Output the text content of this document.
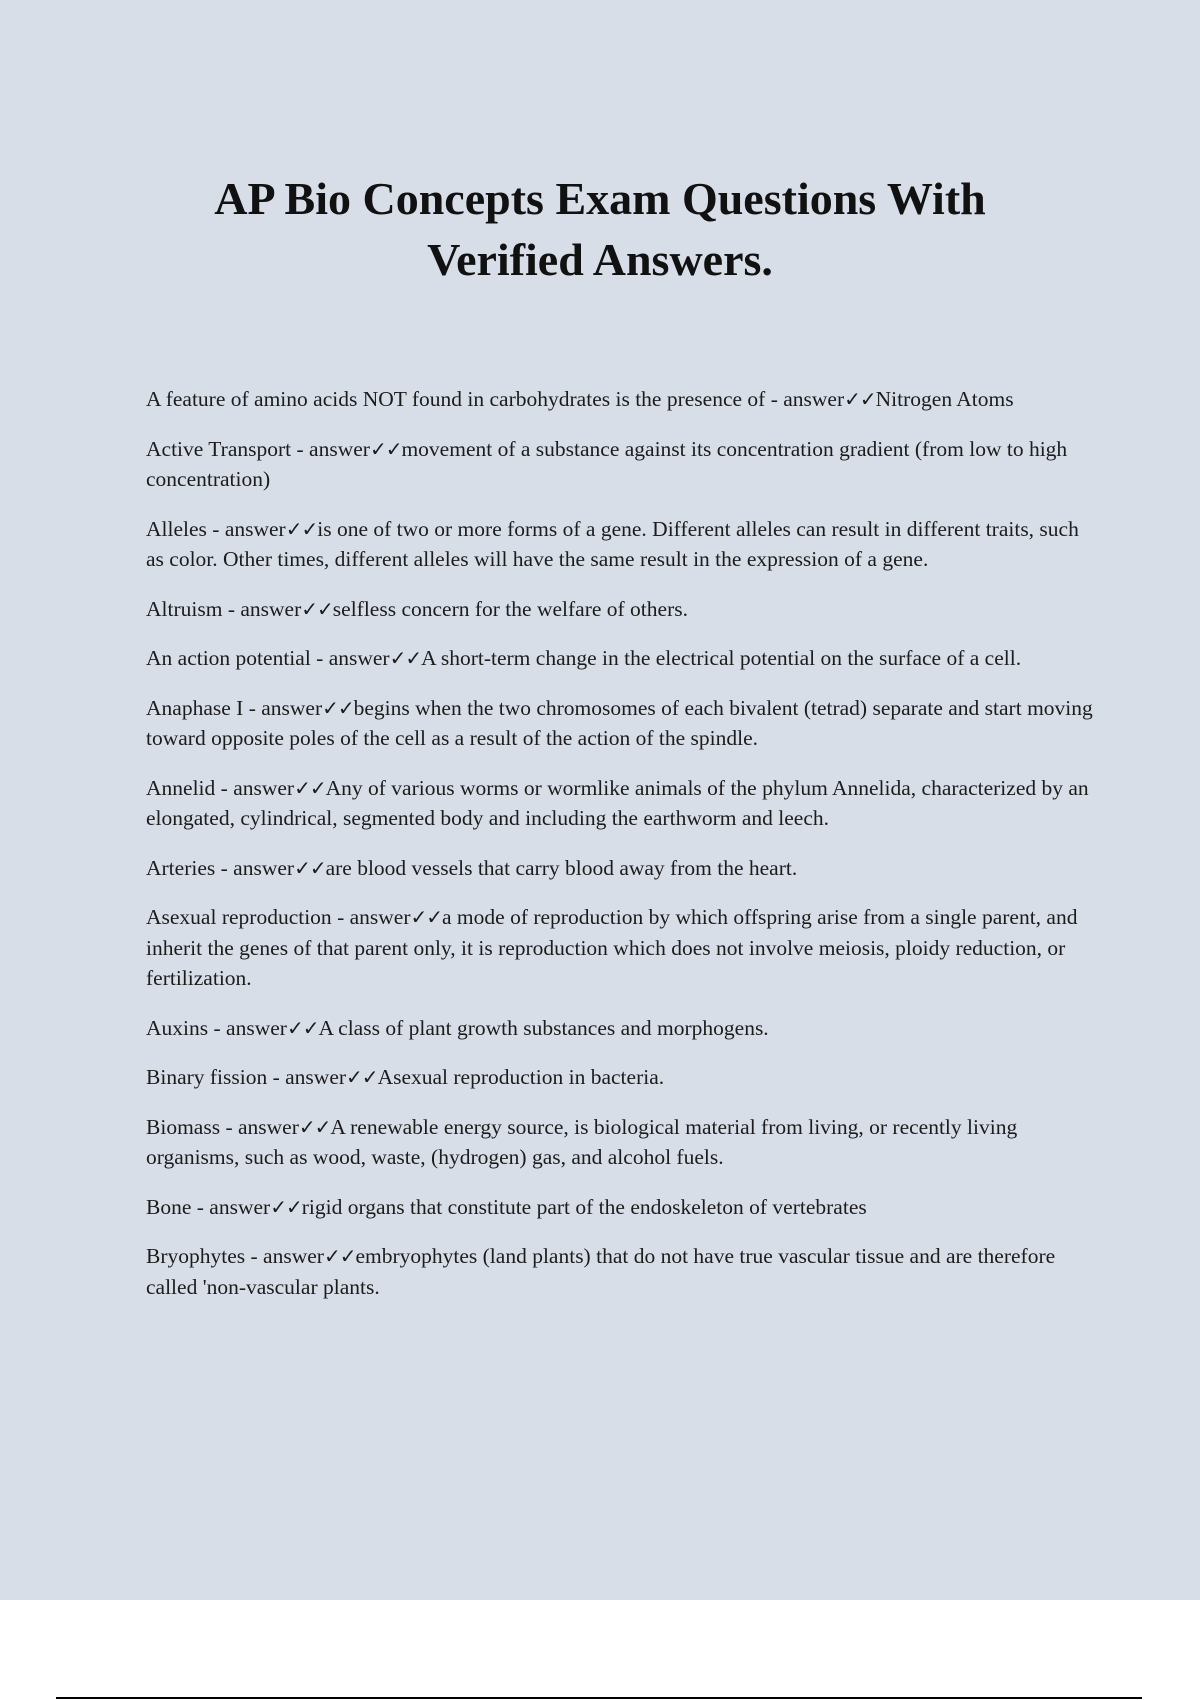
AP Bio Concepts Exam Questions With
Verified Answers.
A feature of amino acids NOT found in carbohydrates is the presence of - answer✓✓Nitrogen Atoms
Active Transport - answer✓✓movement of a substance against its concentration gradient (from low to high concentration)
Alleles - answer✓✓is one of two or more forms of a gene. Different alleles can result in different traits, such as color. Other times, different alleles will have the same result in the expression of a gene.
Altruism - answer✓✓selfless concern for the welfare of others.
An action potential - answer✓✓A short-term change in the electrical potential on the surface of a cell.
Anaphase I - answer✓✓begins when the two chromosomes of each bivalent (tetrad) separate and start moving toward opposite poles of the cell as a result of the action of the spindle.
Annelid - answer✓✓Any of various worms or wormlike animals of the phylum Annelida, characterized by an elongated, cylindrical, segmented body and including the earthworm and leech.
Arteries - answer✓✓are blood vessels that carry blood away from the heart.
Asexual reproduction - answer✓✓a mode of reproduction by which offspring arise from a single parent, and inherit the genes of that parent only, it is reproduction which does not involve meiosis, ploidy reduction, or fertilization.
Auxins - answer✓✓A class of plant growth substances and morphogens.
Binary fission - answer✓✓Asexual reproduction in bacteria.
Biomass - answer✓✓A renewable energy source, is biological material from living, or recently living organisms, such as wood, waste, (hydrogen) gas, and alcohol fuels.
Bone - answer✓✓rigid organs that constitute part of the endoskeleton of vertebrates
Bryophytes - answer✓✓embryophytes (land plants) that do not have true vascular tissue and are therefore called 'non-vascular plants.
